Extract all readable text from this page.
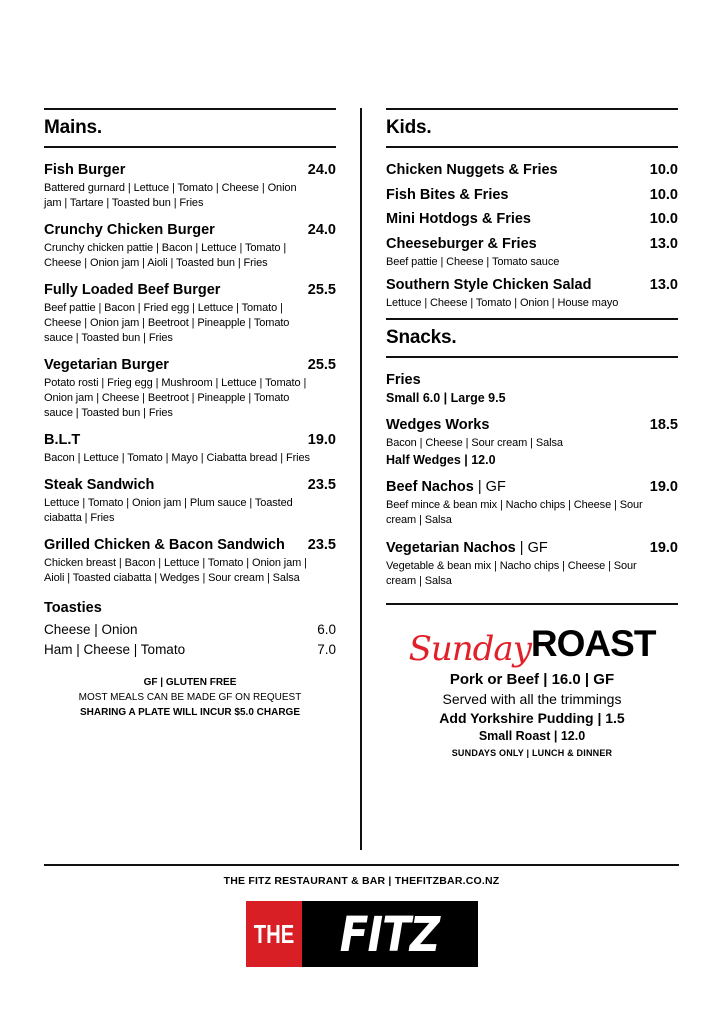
Mains.
Fish Burger	24.0
Battered gurnard | Lettuce | Tomato | Cheese | Onion jam | Tartare | Toasted bun | Fries
Crunchy Chicken Burger	24.0
Crunchy chicken pattie | Bacon | Lettuce | Tomato | Cheese | Onion jam | Aioli | Toasted bun | Fries
Fully Loaded Beef Burger	25.5
Beef pattie | Bacon | Fried egg | Lettuce | Tomato | Cheese | Onion jam | Beetroot | Pineapple | Tomato sauce | Toasted bun | Fries
Vegetarian Burger	25.5
Potato rosti | Frieg egg | Mushroom | Lettuce | Tomato | Onion jam | Cheese | Beetroot | Pineapple | Tomato sauce | Toasted bun | Fries
B.L.T	19.0
Bacon | Lettuce | Tomato | Mayo | Ciabatta bread | Fries
Steak Sandwich	23.5
Lettuce | Tomato | Onion jam | Plum sauce | Toasted ciabatta | Fries
Grilled Chicken & Bacon Sandwich	23.5
Chicken breast | Bacon | Lettuce | Tomato | Onion jam | Aioli | Toasted ciabatta | Wedges | Sour cream | Salsa
Toasties
Cheese | Onion	6.0
Ham | Cheese | Tomato	7.0
GF | GLUTEN FREE
MOST MEALS CAN BE MADE GF ON REQUEST
SHARING A PLATE WILL INCUR $5.0 CHARGE
Kids.
Chicken Nuggets & Fries	10.0
Fish Bites & Fries	10.0
Mini Hotdogs & Fries	10.0
Cheeseburger & Fries	13.0
Beef pattie | Cheese | Tomato sauce
Southern Style Chicken Salad	13.0
Lettuce | Cheese | Tomato | Onion | House mayo
Snacks.
Fries
Small 6.0 | Large 9.5
Wedges Works	18.5
Bacon | Cheese | Sour cream | Salsa
Half Wedges | 12.0
Beef Nachos | GF	19.0
Beef mince & bean mix | Nacho chips | Cheese | Sour cream | Salsa
Vegetarian Nachos | GF	19.0
Vegetable & bean mix | Nacho chips | Cheese | Sour cream | Salsa
SundayROAST
Pork or Beef | 16.0 | GF
Served with all the trimmings
Add Yorkshire Pudding | 1.5
Small Roast | 12.0
SUNDAYS ONLY | LUNCH & DINNER
THE FITZ RESTAURANT & BAR | THEFITZBAR.CO.NZ
THE FITZ
